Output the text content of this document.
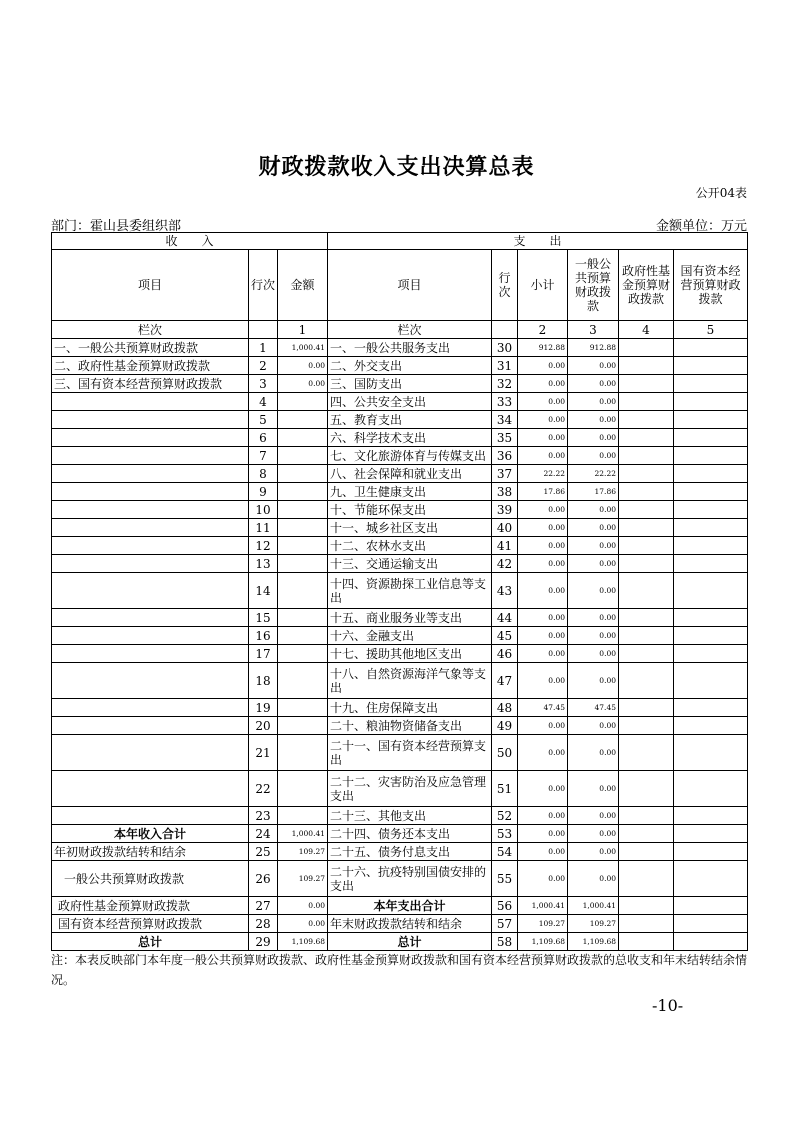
财政拨款收入支出决算总表
公开04表
部门：霍山县委组织部	金额单位：万元
收　　入			支　　出					
项目	行次	金额	项目	行次	小计	一般公共预算财政拨款	政府性基金预算财政拨款	国有资本经营预算财政拨款
栏次		1	栏次		2	3	4	5
一、一般公共预算财政拨款	1	1,000.41	一、一般公共服务支出	30	912.88	912.88		
二、政府性基金预算财政拨款	2	0.00	二、外交支出	31	0.00	0.00		
三、国有资本经营预算财政拨款	3	0.00	三、国防支出	32	0.00	0.00		
	4		四、公共安全支出	33	0.00	0.00		
	5		五、教育支出	34	0.00	0.00		
	6		六、科学技术支出	35	0.00	0.00		
	7		七、文化旅游体育与传媒支出	36	0.00	0.00		
	8		八、社会保障和就业支出	37	22.22	22.22		
	9		九、卫生健康支出	38	17.86	17.86		
	10		十、节能环保支出	39	0.00	0.00		
	11		十一、城乡社区支出	40	0.00	0.00		
	12		十二、农林水支出	41	0.00	0.00		
	13		十三、交通运输支出	42	0.00	0.00		
	14		十四、资源勘探工业信息等支出	43	0.00	0.00		
	15		十五、商业服务业等支出	44	0.00	0.00		
	16		十六、金融支出	45	0.00	0.00		
	17		十七、援助其他地区支出	46	0.00	0.00		
	18		十八、自然资源海洋气象等支出	47	0.00	0.00		
	19		十九、住房保障支出	48	47.45	47.45		
	20		二十、粮油物资储备支出	49	0.00	0.00		
	21		二十一、国有资本经营预算支出	50	0.00	0.00		
	22		二十二、灾害防治及应急管理支出	51	0.00	0.00		
	23		二十三、其他支出	52	0.00	0.00		
本年收入合计	24	1,000.41	二十四、债务还本支出	53	0.00	0.00		
年初财政拨款结转和结余	25	109.27	二十五、债务付息支出	54	0.00	0.00		
一般公共预算财政拨款	26	109.27	二十六、抗疫特别国债安排的支出	55	0.00	0.00		
政府性基金预算财政拨款	27	0.00	本年支出合计	56	1,000.41	1,000.41		
国有资本经营预算财政拨款	28	0.00	年末财政拨款结转和结余	57	109.27	109.27		
总计	29	1,109.68	总计	58	1,109.68	1,109.68		
注：本表反映部门本年度一般公共预算财政拨款、政府性基金预算财政拨款和国有资本经营预算财政拨款的总收支和年末结转结余情况。
-10-
